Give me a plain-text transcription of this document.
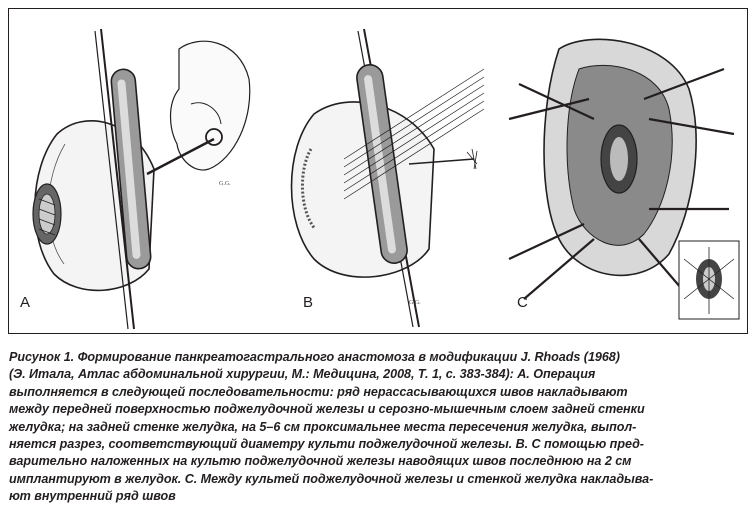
G.G.
A	G.G.
B	C
Рисунок 1. Формирование панкреатогастрального анастомоза в модификации J. Rhoads (1968)
(Э. Итала, Атлас абдоминальной хирургии, М.: Медицина, 2008, Т. 1, с. 383-384): А. Операция
выполняется в следующей последовательности: ряд нерассасывающихся швов накладывают
между передней поверхностью поджелудочной железы и серозно-мышечным слоем задней стенки
желудка; на задней стенке желудка, на 5–6 см проксимальнее места пересечения желудка, выпол-
няется разрез, соответствующий диаметру культи поджелудочной железы. В. С помощью пред-
варительно наложенных на культю поджелудочной железы наводящих швов последнюю на 2 см
имплантируют в желудок. С. Между культей поджелудочной железы и стенкой желудка накладыва-
ют внутренний ряд швов
